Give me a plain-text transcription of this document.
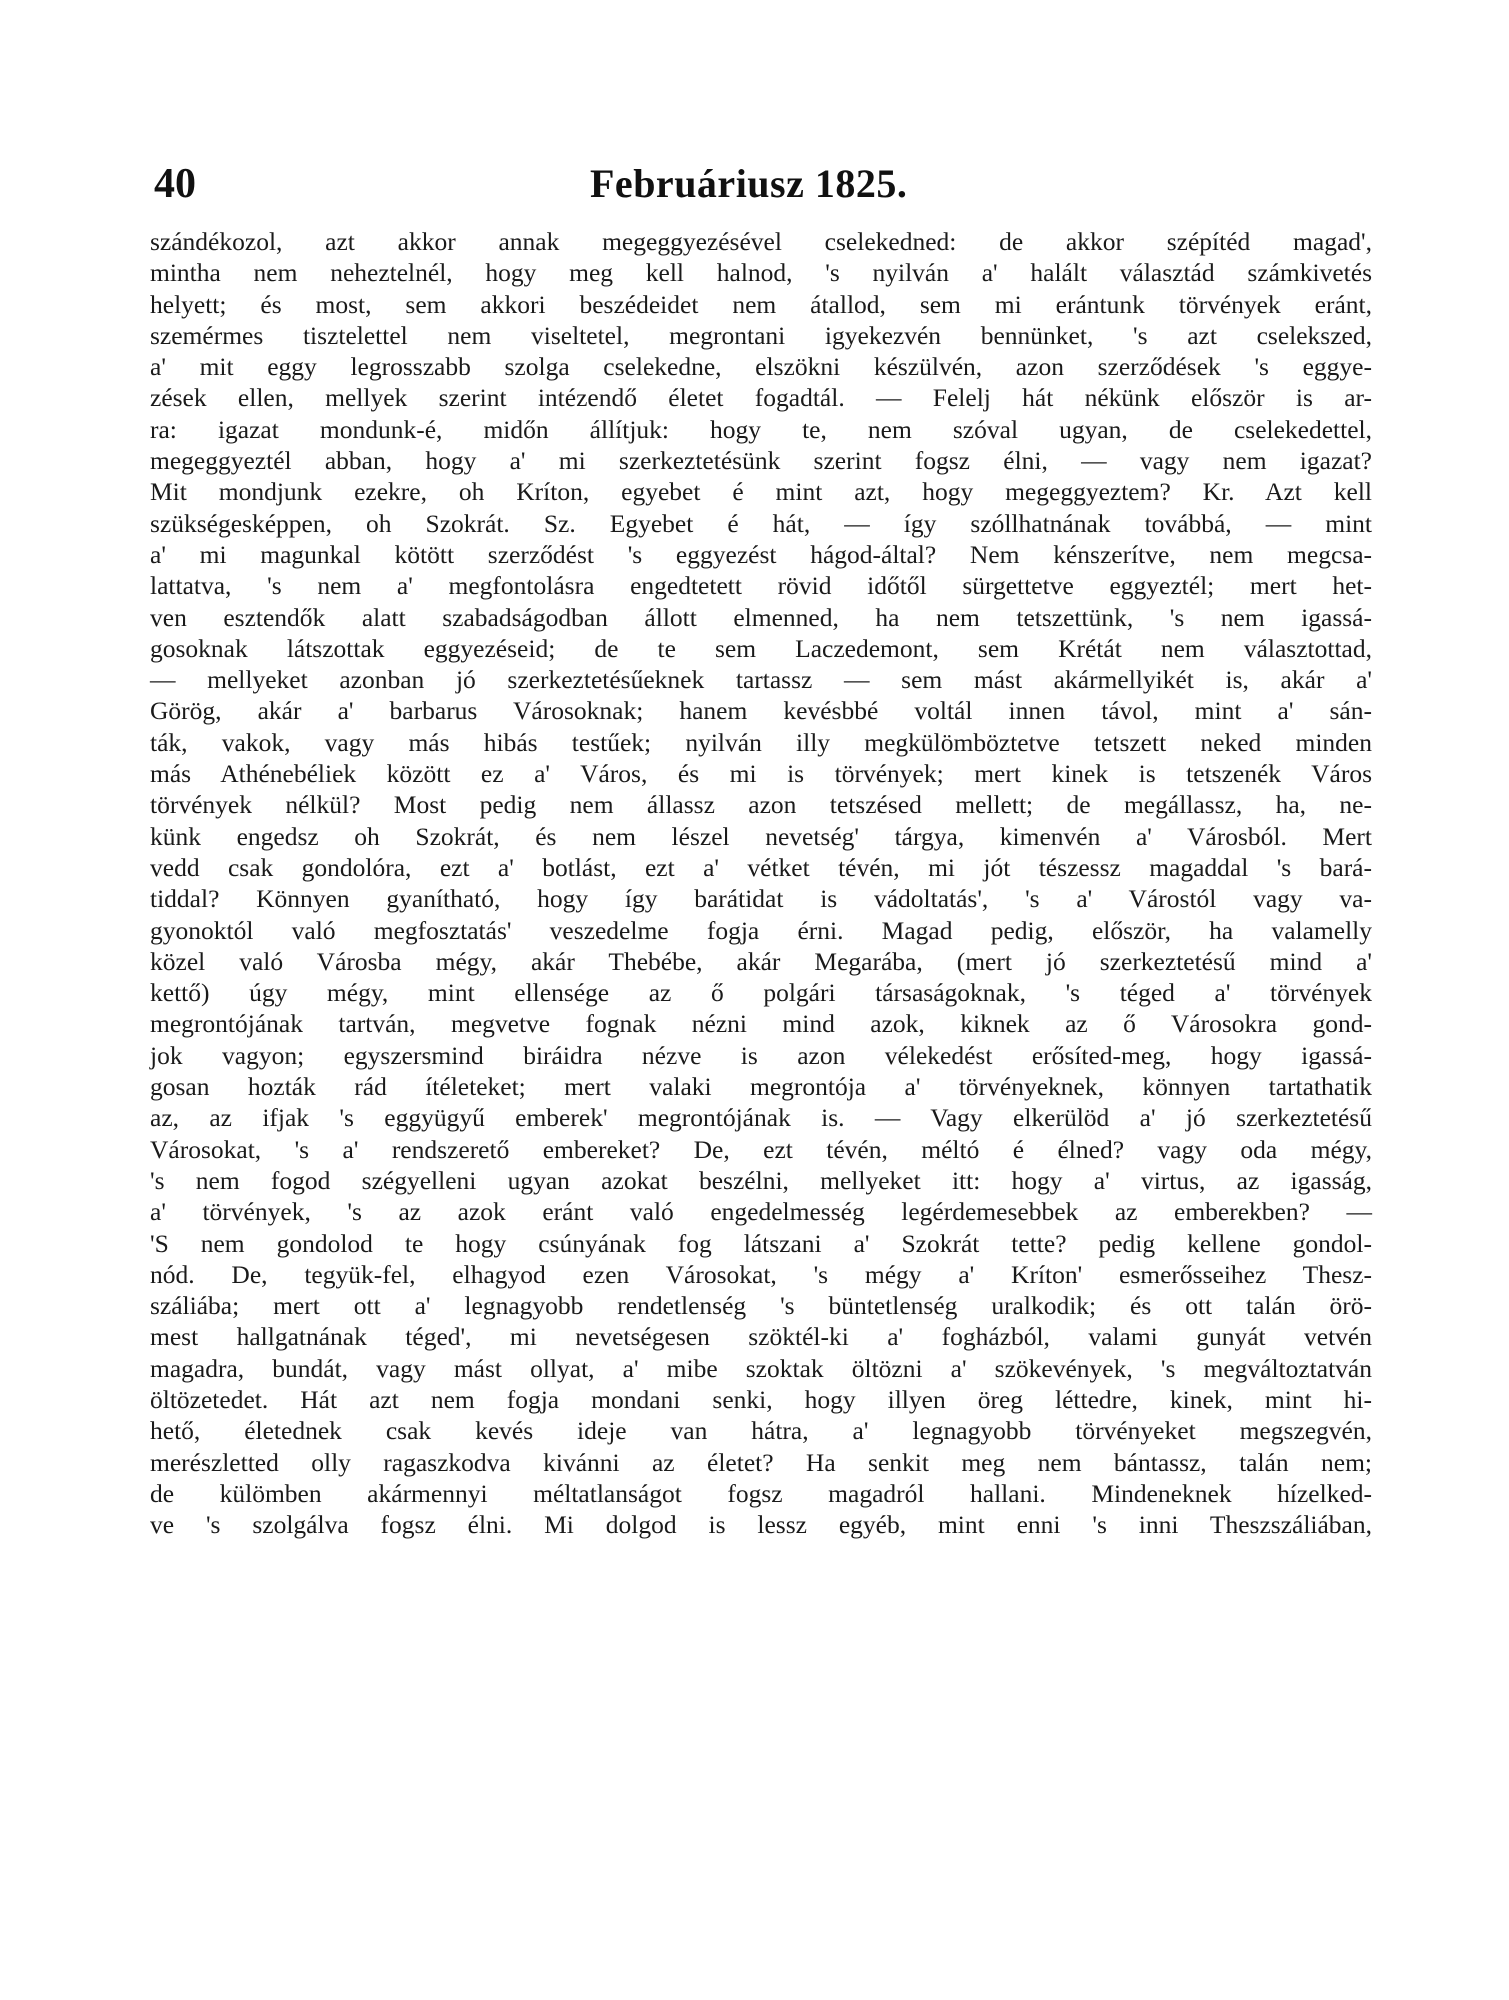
40	Februáriusz 1825.
szándékozol, azt akkor annak megeggyezésével cselekedned: de akkor szépítéd magad',
mintha nem neheztelnél, hogy meg kell halnod, 's nyilván a' halált választád számkivetés
helyett; és most, sem akkori beszédeidet nem átallod, sem mi erántunk törvények eránt,
szemérmes tisztelettel nem viseltetel, megrontani igyekezvén bennünket, 's azt cselekszed,
a' mit eggy legrosszabb szolga cselekedne, elszökni készülvén, azon szerződések 's eggye-
zések ellen, mellyek szerint intézendő életet fogadtál. — Felelj hát nékünk először is ar-
ra: igazat mondunk-é, midőn állítjuk: hogy te, nem szóval ugyan, de cselekedettel,
megeggyeztél abban, hogy a' mi szerkeztetésünk szerint fogsz élni, — vagy nem igazat?
Mit mondjunk ezekre, oh Kríton, egyebet é mint azt, hogy megeggyeztem? Kr. Azt kell
szükségesképpen, oh Szokrát. Sz. Egyebet é hát, — így szóllhatnának továbbá, — mint
a' mi magunkal kötött szerződést 's eggyezést hágod-által? Nem kénszerítve, nem megcsa-
lattatva, 's nem a' megfontolásra engedtetett rövid időtől sürgettetve eggyeztél; mert het-
ven esztendők alatt szabadságodban állott elmenned, ha nem tetszettünk, 's nem igassá-
gosoknak látszottak eggyezéseid; de te sem Laczedemont, sem Krétát nem választottad,
— mellyeket azonban jó szerkeztetésűeknek tartassz — sem mást akármellyikét is, akár a'
Görög, akár a' barbarus Városoknak; hanem kevésbbé voltál innen távol, mint a' sán-
ták, vakok, vagy más hibás testűek; nyilván illy megkülömböztetve tetszett neked minden
más Athénebéliek között ez a' Város, és mi is törvények; mert kinek is tetszenék Város
törvények nélkül? Most pedig nem állassz azon tetszésed mellett; de megállassz, ha, ne-
künk engedsz oh Szokrát, és nem lészel nevetség' tárgya, kimenvén a' Városból. Mert
vedd csak gondolóra, ezt a' botlást, ezt a' vétket tévén, mi jót tészessz magaddal 's bará-
tiddal? Könnyen gyanítható, hogy így barátidat is vádoltatás', 's a' Várostól vagy va-
gyonoktól való megfosztatás' veszedelme fogja érni. Magad pedig, először, ha valamelly
közel való Városba mégy, akár Thebébe, akár Megarába, (mert jó szerkeztetésű mind a'
kettő) úgy mégy, mint ellensége az ő polgári társaságoknak, 's téged a' törvények
megrontójának tartván, megvetve fognak nézni mind azok, kiknek az ő Városokra gond-
jok vagyon; egyszersmind biráidra nézve is azon vélekedést erősíted-meg, hogy igassá-
gosan hozták rád ítéleteket; mert valaki megrontója a' törvényeknek, könnyen tartathatik
az, az ifjak 's eggyügyű emberek' megrontójának is. — Vagy elkerülöd a' jó szerkeztetésű
Városokat, 's a' rendszerető embereket? De, ezt tévén, méltó é élned? vagy oda mégy,
's nem fogod szégyelleni ugyan azokat beszélni, mellyeket itt: hogy a' virtus, az igasság,
a' törvények, 's az azok eránt való engedelmesség legérdemesebbek az emberekben? —
'S nem gondolod te hogy csúnyának fog látszani a' Szokrát tette? pedig kellene gondol-
nód. De, tegyük-fel, elhagyod ezen Városokat, 's mégy a' Kríton' esmerősseihez Thesz-
száliába; mert ott a' legnagyobb rendetlenség 's büntetlenség uralkodik; és ott talán örö-
mest hallgatnának téged', mi nevetségesen szöktél-ki a' fogházból, valami gunyát vetvén
magadra, bundát, vagy mást ollyat, a' mibe szoktak öltözni a' szökevények, 's megváltoztatván
öltözetedet. Hát azt nem fogja mondani senki, hogy illyen öreg léttedre, kinek, mint hi-
hető, életednek csak kevés ideje van hátra, a' legnagyobb törvényeket megszegvén,
merészletted olly ragaszkodva kivánni az életet? Ha senkit meg nem bántassz, talán nem;
de külömben akármennyi méltatlanságot fogsz magadról hallani. Mindeneknek hízelked-
ve 's szolgálva fogsz élni. Mi dolgod is lessz egyéb, mint enni 's inni Theszszáliában,
